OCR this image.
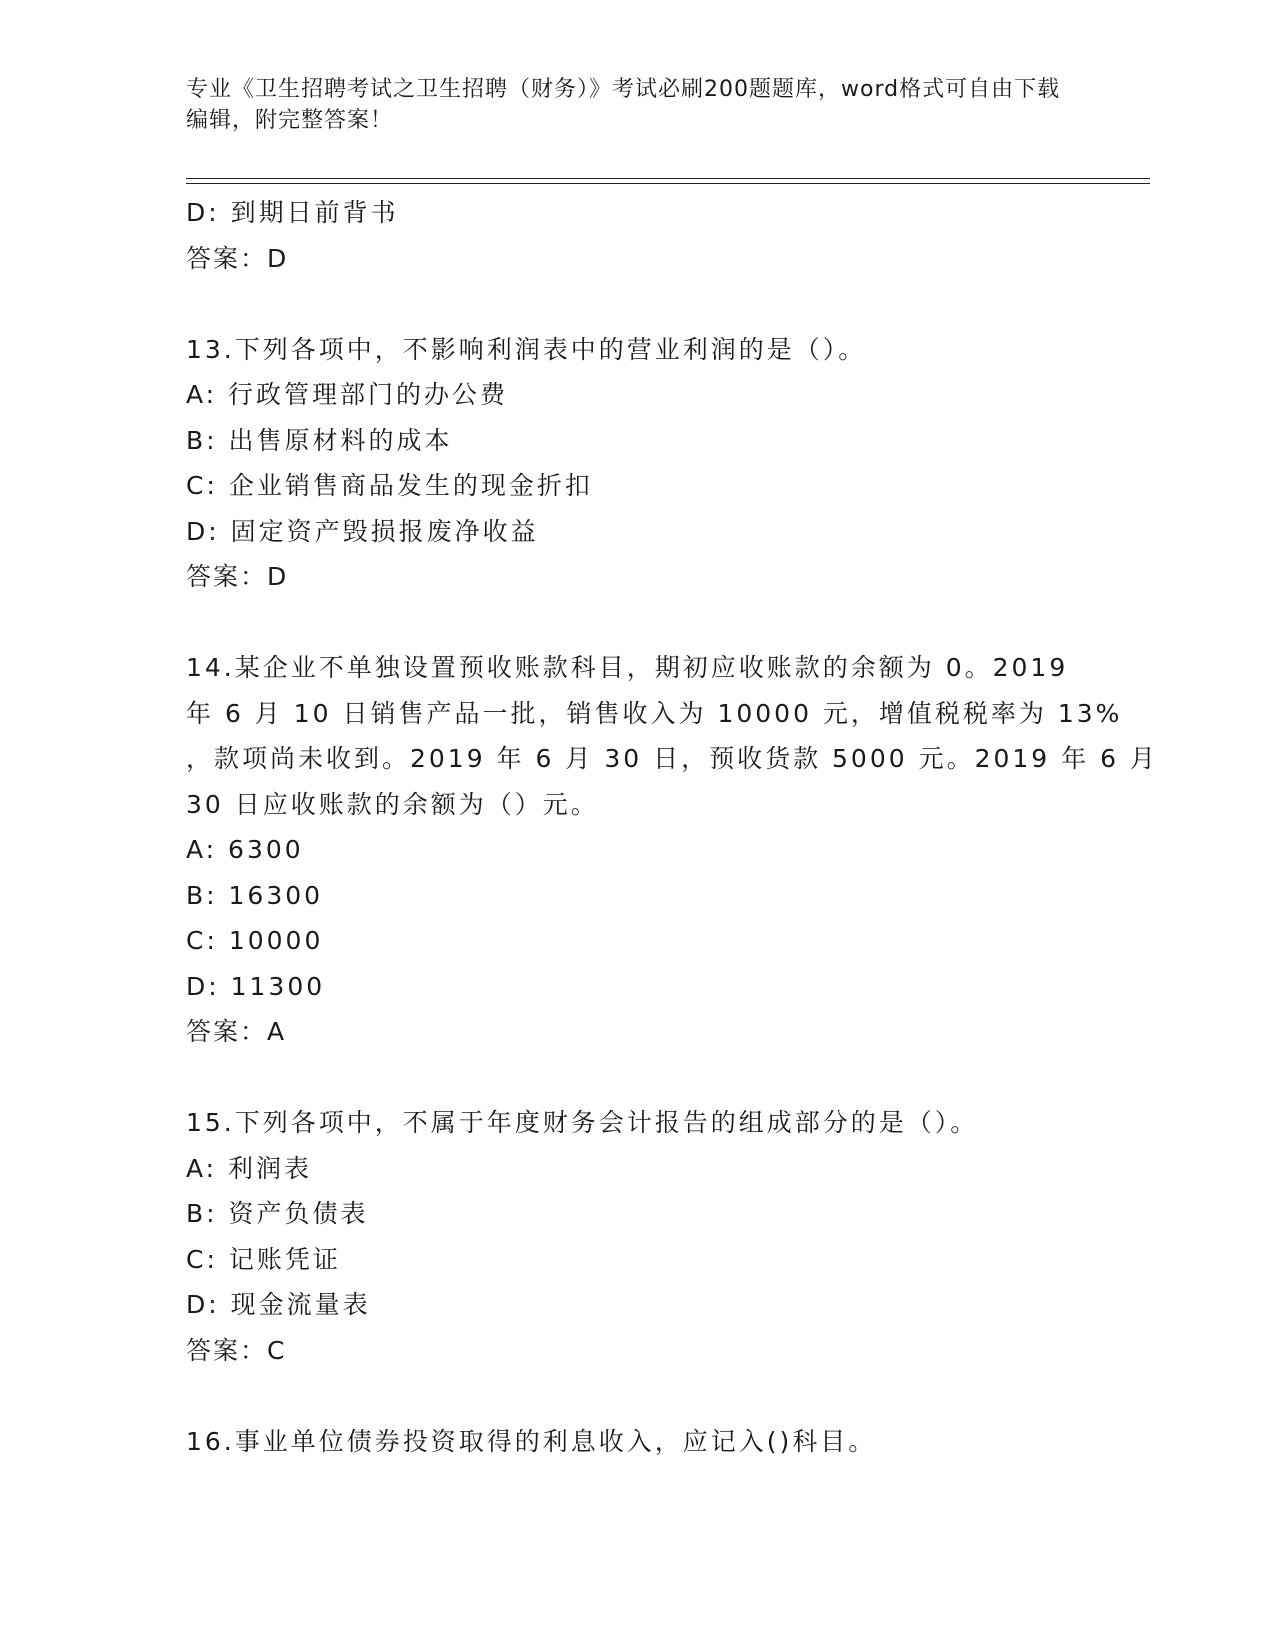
专业《卫生招聘考试之卫生招聘（财务）》考试必刷200题题库，word格式可自由下载编辑，附完整答案！
D: 到期日前背书
答案：D
13.下列各项中，不影响利润表中的营业利润的是（）。
A: 行政管理部门的办公费
B: 出售原材料的成本
C: 企业销售商品发生的现金折扣
D: 固定资产毁损报废净收益
答案：D
14.某企业不单独设置预收账款科目，期初应收账款的余额为 0。2019
年 6 月 10 日销售产品一批，销售收入为 10000 元，增值税税率为 13%
，款项尚未收到。2019 年 6 月 30 日，预收货款 5000 元。2019 年 6 月
30 日应收账款的余额为（）元。
A: 6300
B: 16300
C: 10000
D: 11300
答案：A
15.下列各项中，不属于年度财务会计报告的组成部分的是（）。
A: 利润表
B: 资产负债表
C: 记账凭证
D: 现金流量表
答案：C
16.事业单位债券投资取得的利息收入，应记入()科目。
